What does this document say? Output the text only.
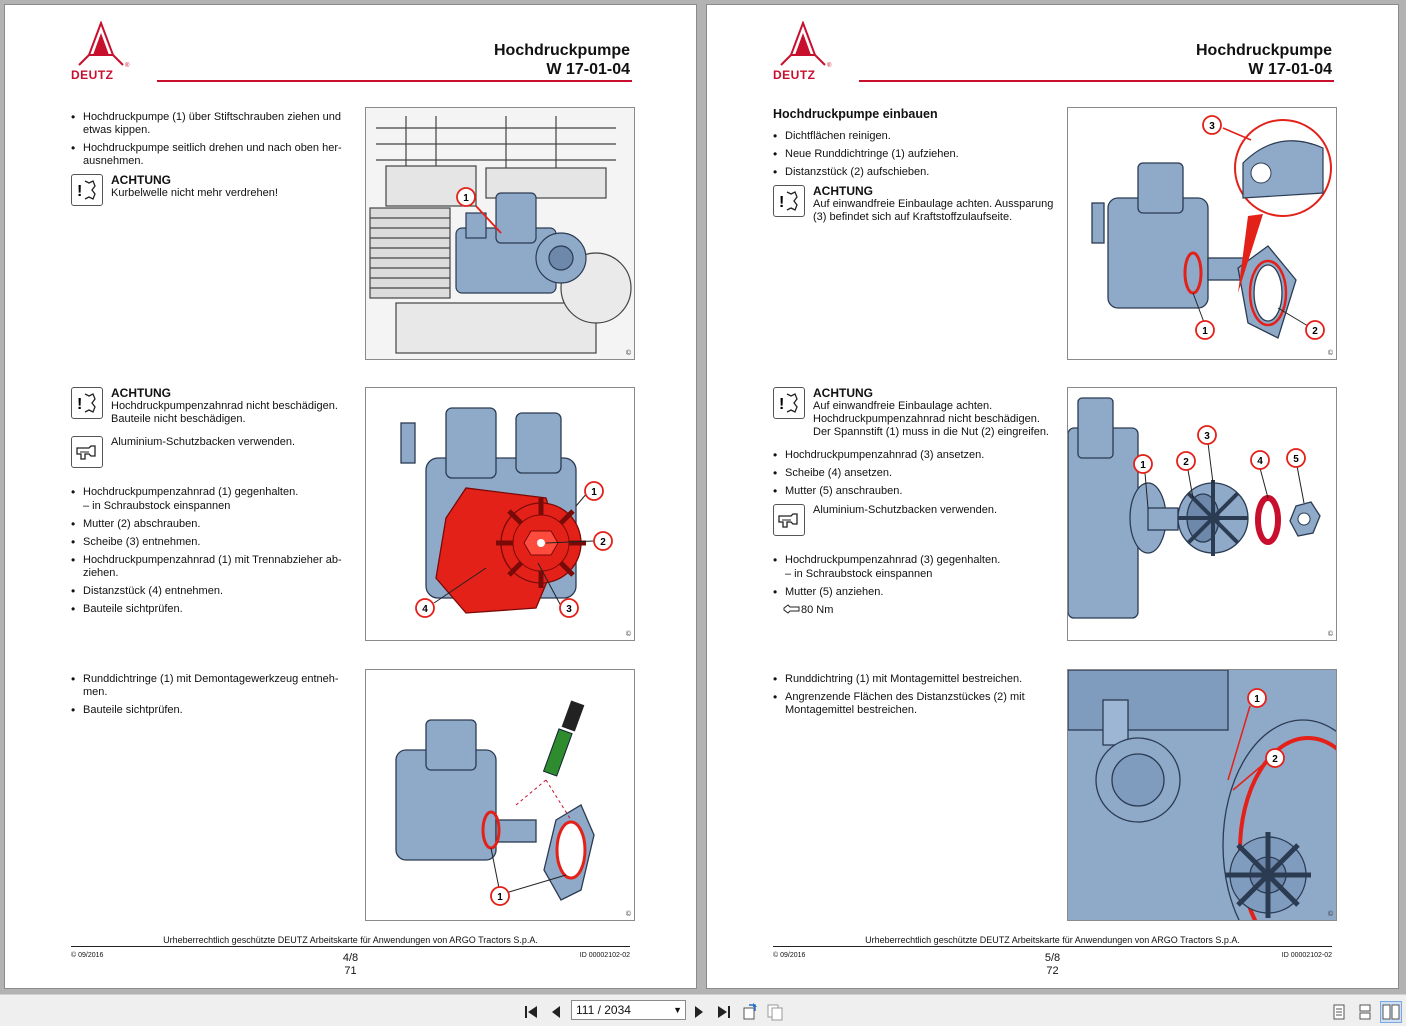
DEUTZ
®
Hochdruckpumpe
W 17-01-04
• Hochdruckpumpe (1) über Stiftschrauben ziehen und etwas kippen.
• Hochdruckpumpe seitlich drehen und nach oben herausnehmen.
!
ACHTUNG
Kurbelwelle nicht mehr verdrehen!	1
©
!
ACHTUNG
Hochdruckpumpenzahnrad nicht beschädigen. Bauteile nicht beschädigen.
Aluminium-Schutzbacken verwenden.
• Hochdruckpumpenzahnrad (1) gegenhalten.
– in Schraubstock einspannen
• Mutter (2) abschrauben.
• Scheibe (3) entnehmen.
• Hochdruckpumpenzahnrad (1) mit Trennabzieher abziehen.
• Distanzstück (4) entnehmen.
• Bauteile sichtprüfen.
1
2
3
4
©
• Runddichtringe (1) mit Demontagewerkzeug entnehmen.
• Bauteile sichtprüfen.
1
©
Urheberrechtlich geschützte DEUTZ Arbeitskarte für Anwendungen von ARGO Tractors S.p.A.
© 09/2016	4/8
71
ID 00002102-02
DEUTZ
®
Hochdruckpumpe
W 17-01-04
Hochdruckpumpe einbauen
• Dichtflächen reinigen.
• Neue Runddichtringe (1) aufziehen.
• Distanzstück (2) aufschieben.
!
ACHTUNG
Auf einwandfreie Einbaulage achten. Aussparung (3) befindet sich auf Kraftstoffzulaufseite.
3
1	2
©
!
ACHTUNG
Auf einwandfreie Einbaulage achten. Hochdruckpumpenzahnrad nicht beschädigen. Der Spannstift (1) muss in die Nut (2) eingreifen.
• Hochdruckpumpenzahnrad (3) ansetzen.
• Scheibe (4) ansetzen.
• Mutter (5) anschrauben.
Aluminium-Schutzbacken verwenden.
• Hochdruckpumpenzahnrad (3) gegenhalten.
– in Schraubstock einspannen
• Mutter (5) anziehen.
80 Nm
1	2
3
4	5
©
• Runddichtring (1) mit Montagemittel bestreichen.
• Angrenzende Flächen des Distanzstückes (2) mit Montagemittel bestreichen.
1
2
©
Urheberrechtlich geschützte DEUTZ Arbeitskarte für Anwendungen von ARGO Tractors S.p.A.
© 09/2016	5/8
72
ID 00002102-02
111 / 2034	▼
